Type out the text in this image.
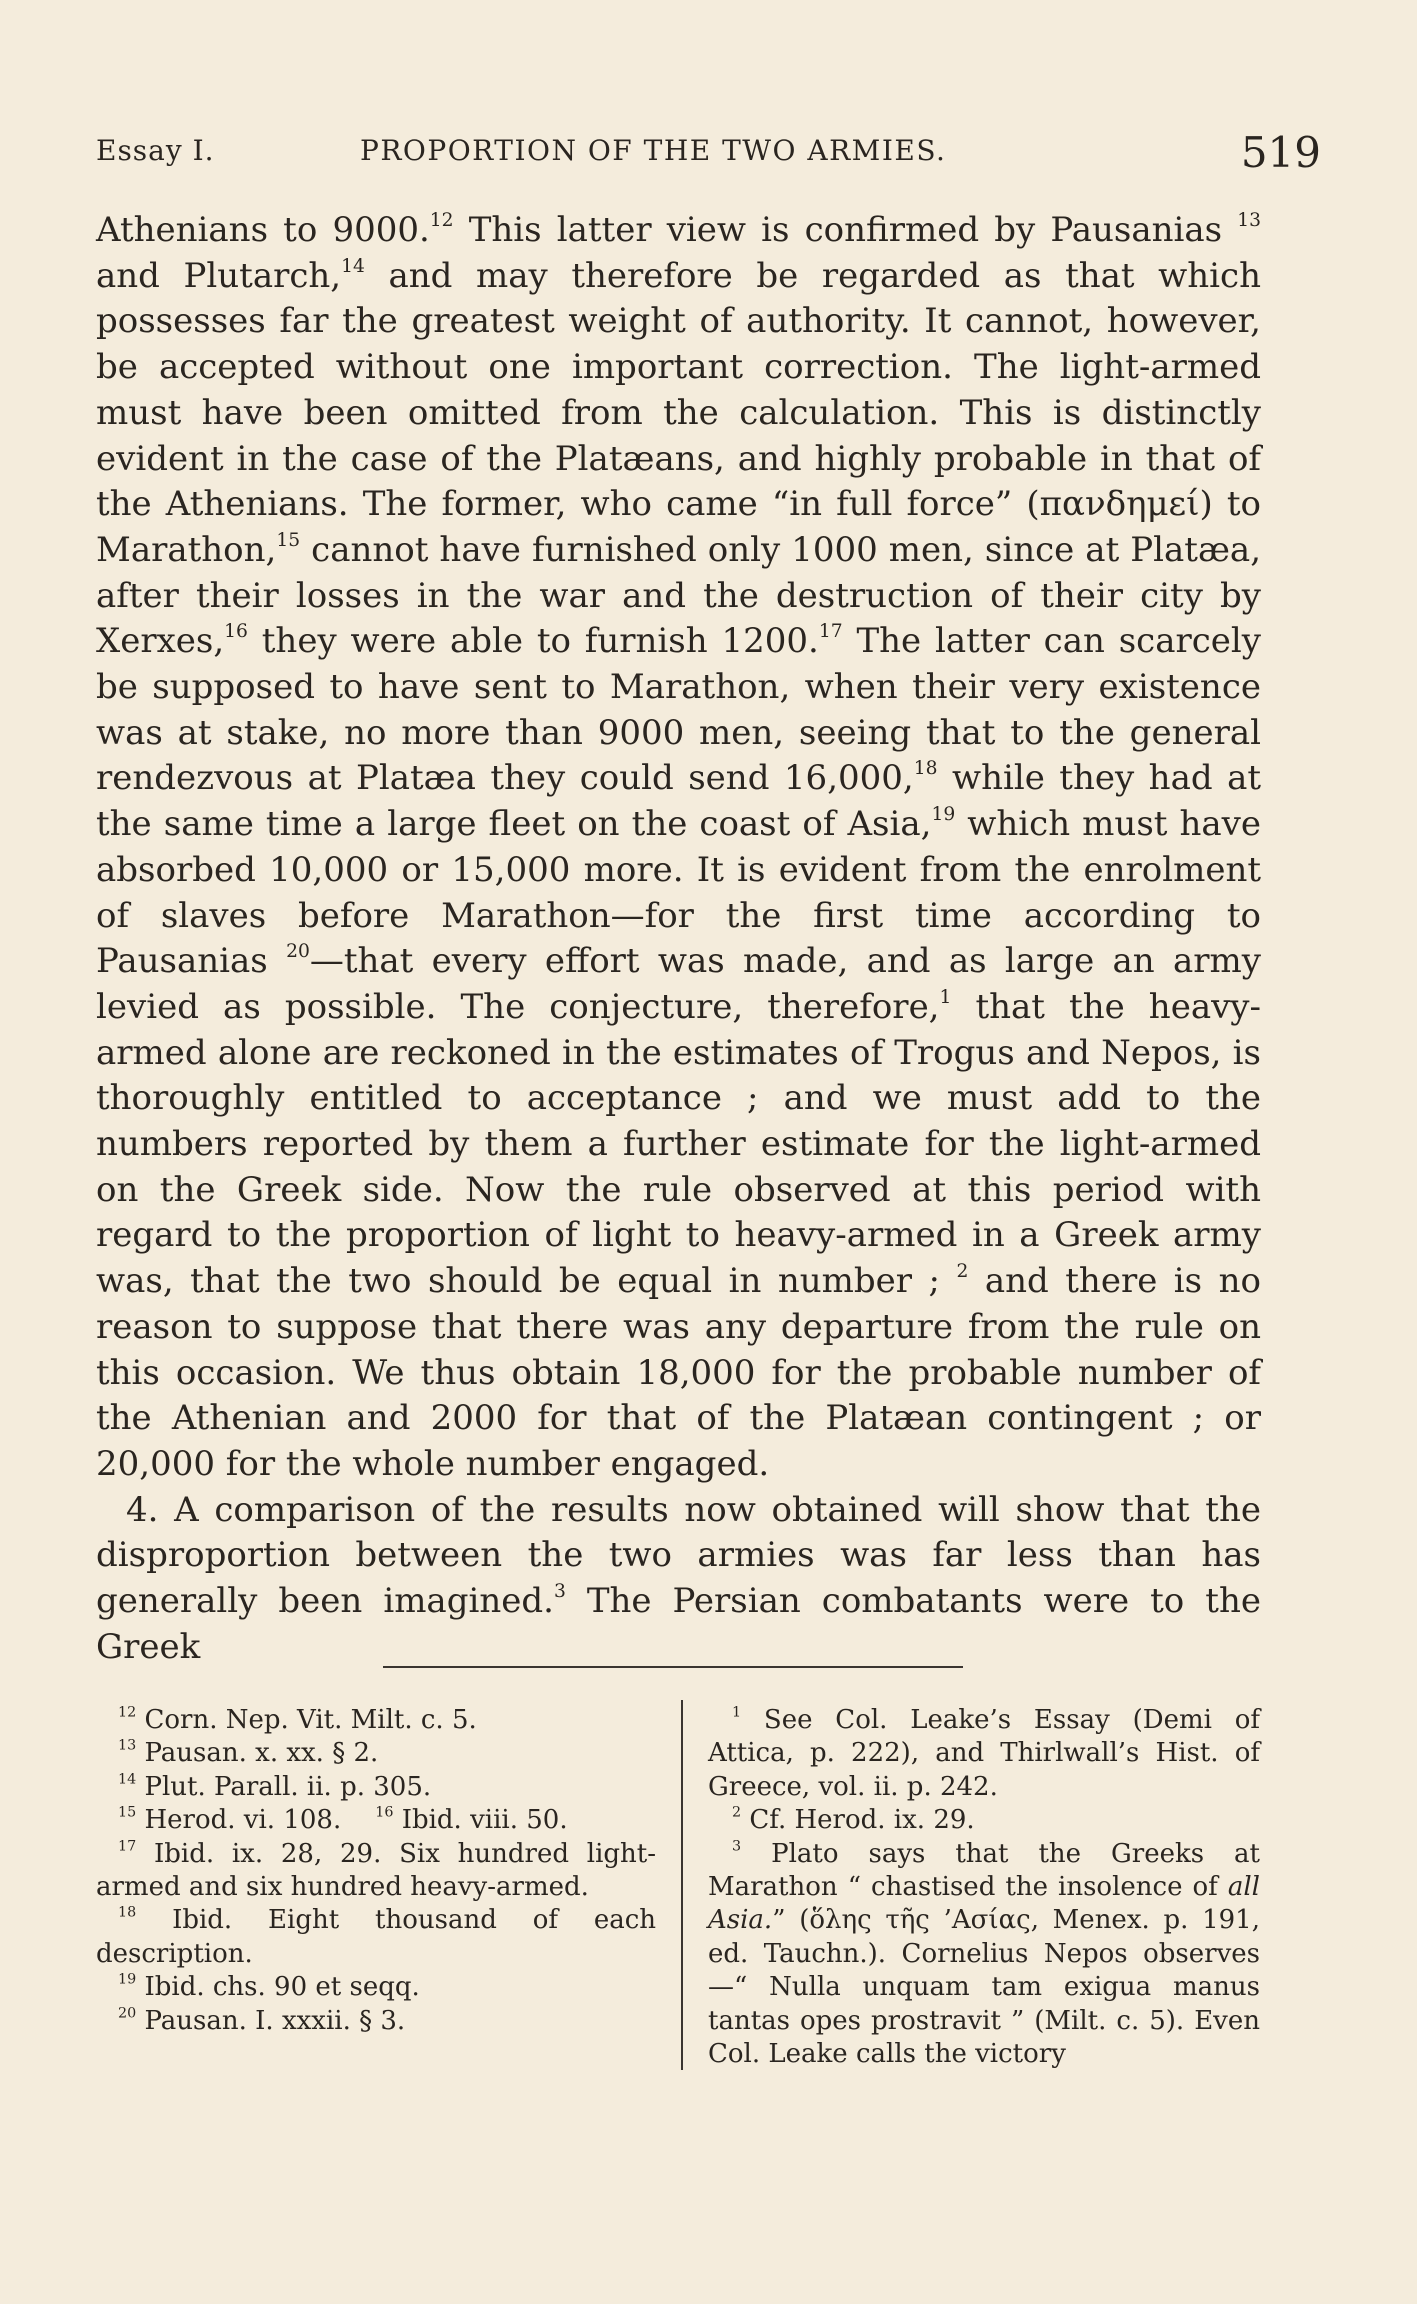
Essay I.	PROPORTION OF THE TWO ARMIES.	519

Athenians to 9000.12 This latter view is confirmed by Pausanias $^{13}$ and Plutarch,$^{14}$ and may therefore be regarded as that which possesses far the greatest weight of authority. It cannot, however, be accepted without one important correction. The light-armed must have been omitted from the calculation. This is distinctly evident in the case of the Platæans, and highly probable in that of the Athenians. The former, who came “in full force” (πανδημεί) to Marathon,$^{15}$ cannot have furnished only 1000 men, since at Platæa, after their losses in the war and the destruction of their city by Xerxes,$^{16}$ they were able to furnish 1200.17 The latter can scarcely be supposed to have sent to Marathon, when their very existence was at stake, no more than 9000 men, seeing that to the general rendezvous at Platæa they could send 16,000,18 while they had at the same time a large fleet on the coast of Asia,$^{19}$ which must have absorbed 10,000 or 15,000 more. It is evident from the enrolment of slaves before Marathon—for the first time according to Pausanias $^{20}$—that every effort was made, and as large an army levied as possible. The conjecture, therefore,$^1$ that the heavy-armed alone are reckoned in the estimates of Trogus and Nepos, is thoroughly entitled to acceptance ; and we must add to the numbers reported by them a further estimate for the light-armed on the Greek side. Now the rule observed at this period with regard to the proportion of light to heavy-armed in a Greek army was, that the two should be equal in number ; $^2$ and there is no reason to suppose that there was any departure from the rule on this occasion. We thus obtain 18,000 for the probable number of the Athenian and 2000 for that of the Platæan contingent ; or 20,000 for the whole number engaged.

4. A comparison of the results now obtained will show that the disproportion between the two armies was far less than has generally been imagined.$^3$ The Persian combatants were to the Greek

$^{12}$ Corn. Nep. Vit. Milt. c. 5.

$^{13}$ Pausan. x. xx. § 2.

$^{14}$ Plut. Parall. ii. p. 305.

$^{15}$ Herod. vi. 108. $^{16}$ Ibid. viii. 50.

$^{17}$ Ibid. ix. 28, 29. Six hundred light-armed and six hundred heavy-armed.

$^{18}$ Ibid. Eight thousand of each description.

$^{19}$ Ibid. chs. 90 et seqq.

$^{20}$ Pausan. I. xxxii. § 3.

$^1$ See Col. Leake’s Essay (Demi of Attica, p. 222), and Thirlwall’s Hist. of Greece, vol. ii. p. 242.

$^2$ Cf. Herod. ix. 29.

$^3$ Plato says that the Greeks at Marathon “ chastised the insolence of all Asia.” (ὅλης τῆς ’Ασίας, Menex. p. 191, ed. Tauchn.). Cornelius Nepos observes —“ Nulla unquam tam exigua manus tantas opes prostravit ” (Milt. c. 5). Even Col. Leake calls the victory
